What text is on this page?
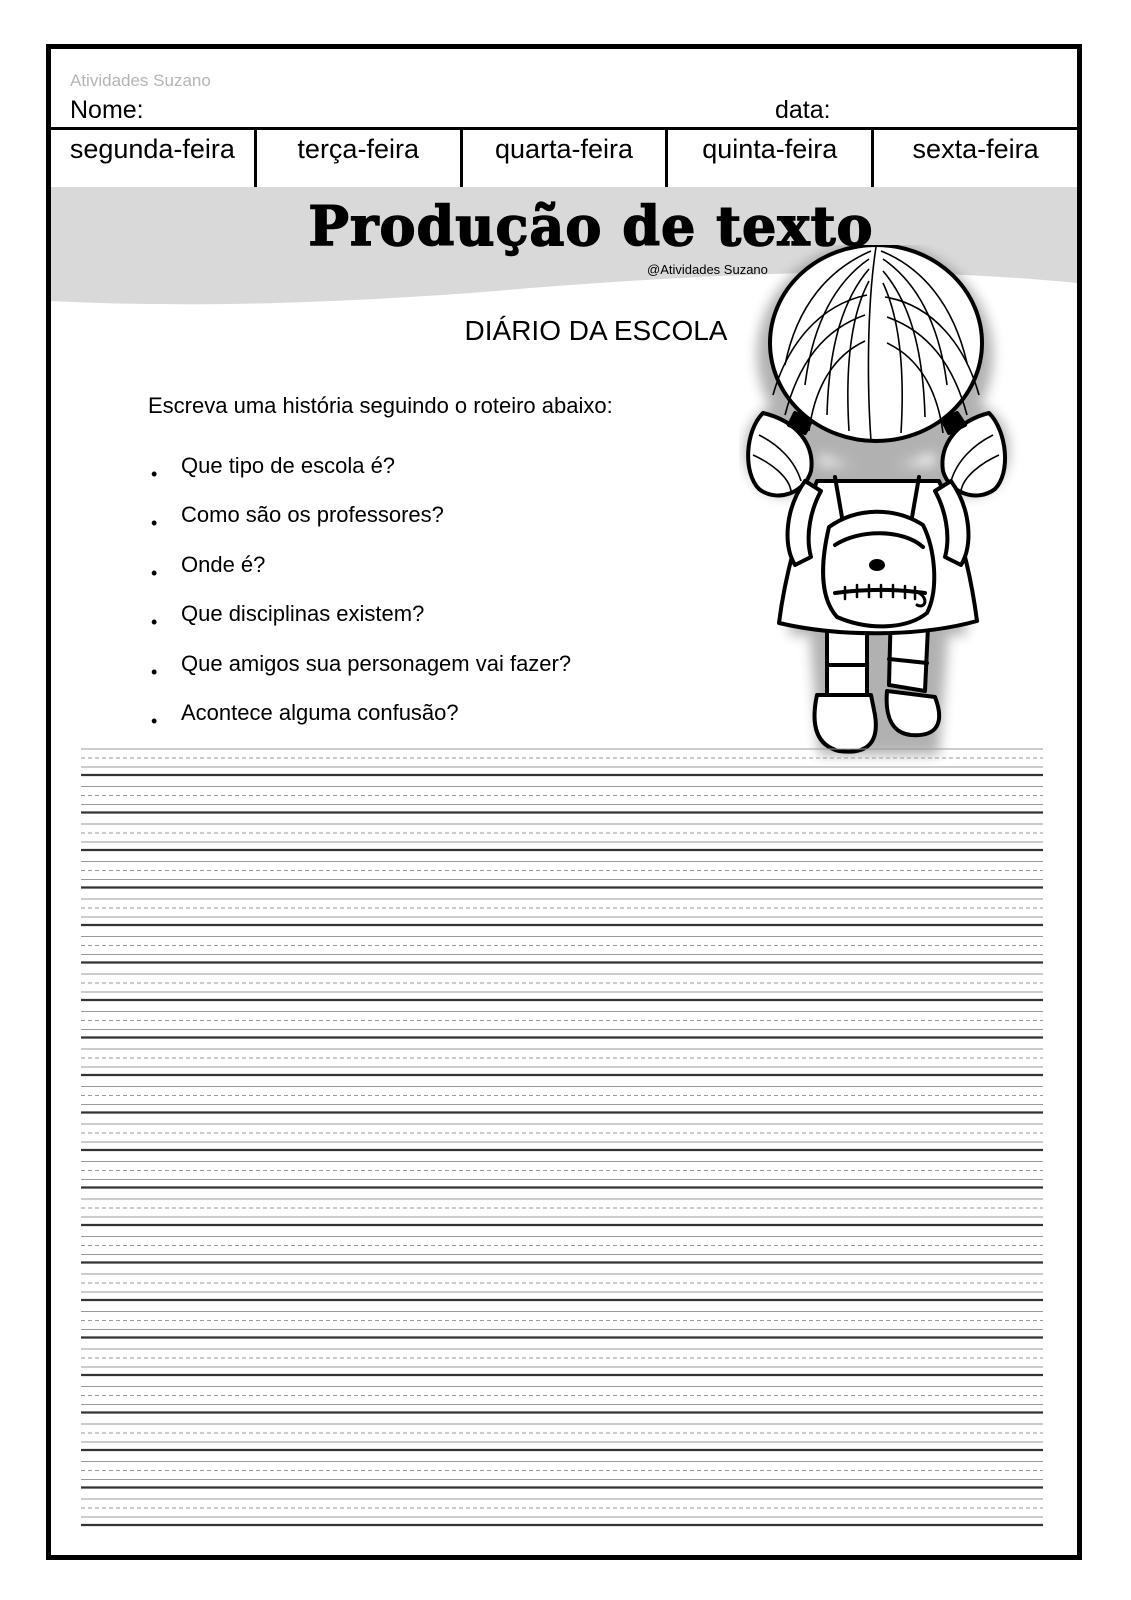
Atividades Suzano
Nome:	data:
segunda-feira	terça-feira	quarta-feira	quinta-feira	sexta-feira
Produção de texto
@Atividades Suzano
DIÁRIO DA ESCOLA
Escreva uma história seguindo o roteiro abaixo:
• Que tipo de escola é?
• Como são os professores?
• Onde é?
• Que disciplinas existem?
• Que amigos sua personagem vai fazer?
• Acontece alguma confusão?
